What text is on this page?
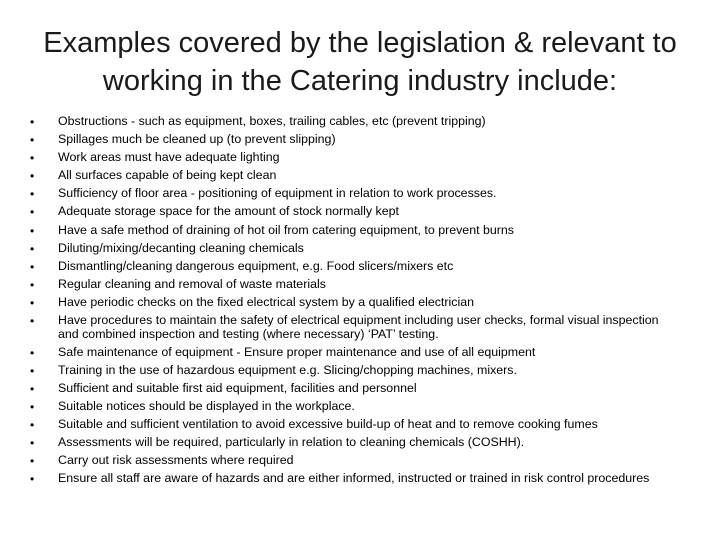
Examples covered by the legislation & relevant to working in the Catering industry include:
•	Obstructions - such as equipment, boxes, trailing cables, etc (prevent tripping)
•	Spillages much be cleaned up (to prevent slipping)
•	Work areas must have adequate lighting
•	All surfaces capable of being kept clean
•	Sufficiency of floor area - positioning of equipment in relation to work processes.
•	Adequate storage space for the amount of stock normally kept
•	Have a safe method of draining of hot oil from catering equipment, to prevent burns
•	Diluting/mixing/decanting cleaning chemicals
•	Dismantling/cleaning dangerous equipment, e.g. Food slicers/mixers etc
•	Regular cleaning and removal of waste materials
•	Have periodic checks on the fixed electrical system by a qualified electrician
•	Have procedures to maintain the safety of electrical equipment including user checks, formal visual inspection and combined inspection and testing (where necessary) ‘PAT’ testing.
•	Safe maintenance of equipment - Ensure proper maintenance and use of all equipment
•	Training in the use of hazardous equipment e.g. Slicing/chopping machines, mixers.
•	Sufficient and suitable first aid equipment, facilities and personnel
•	Suitable notices should be displayed in the workplace.
•	Suitable and sufficient ventilation to avoid excessive build-up of heat and to remove cooking fumes
•	Assessments will be required, particularly in relation to cleaning chemicals (COSHH).
•	Carry out risk assessments where required
•	Ensure all staff are aware of hazards and are either informed, instructed or trained in risk control procedures
